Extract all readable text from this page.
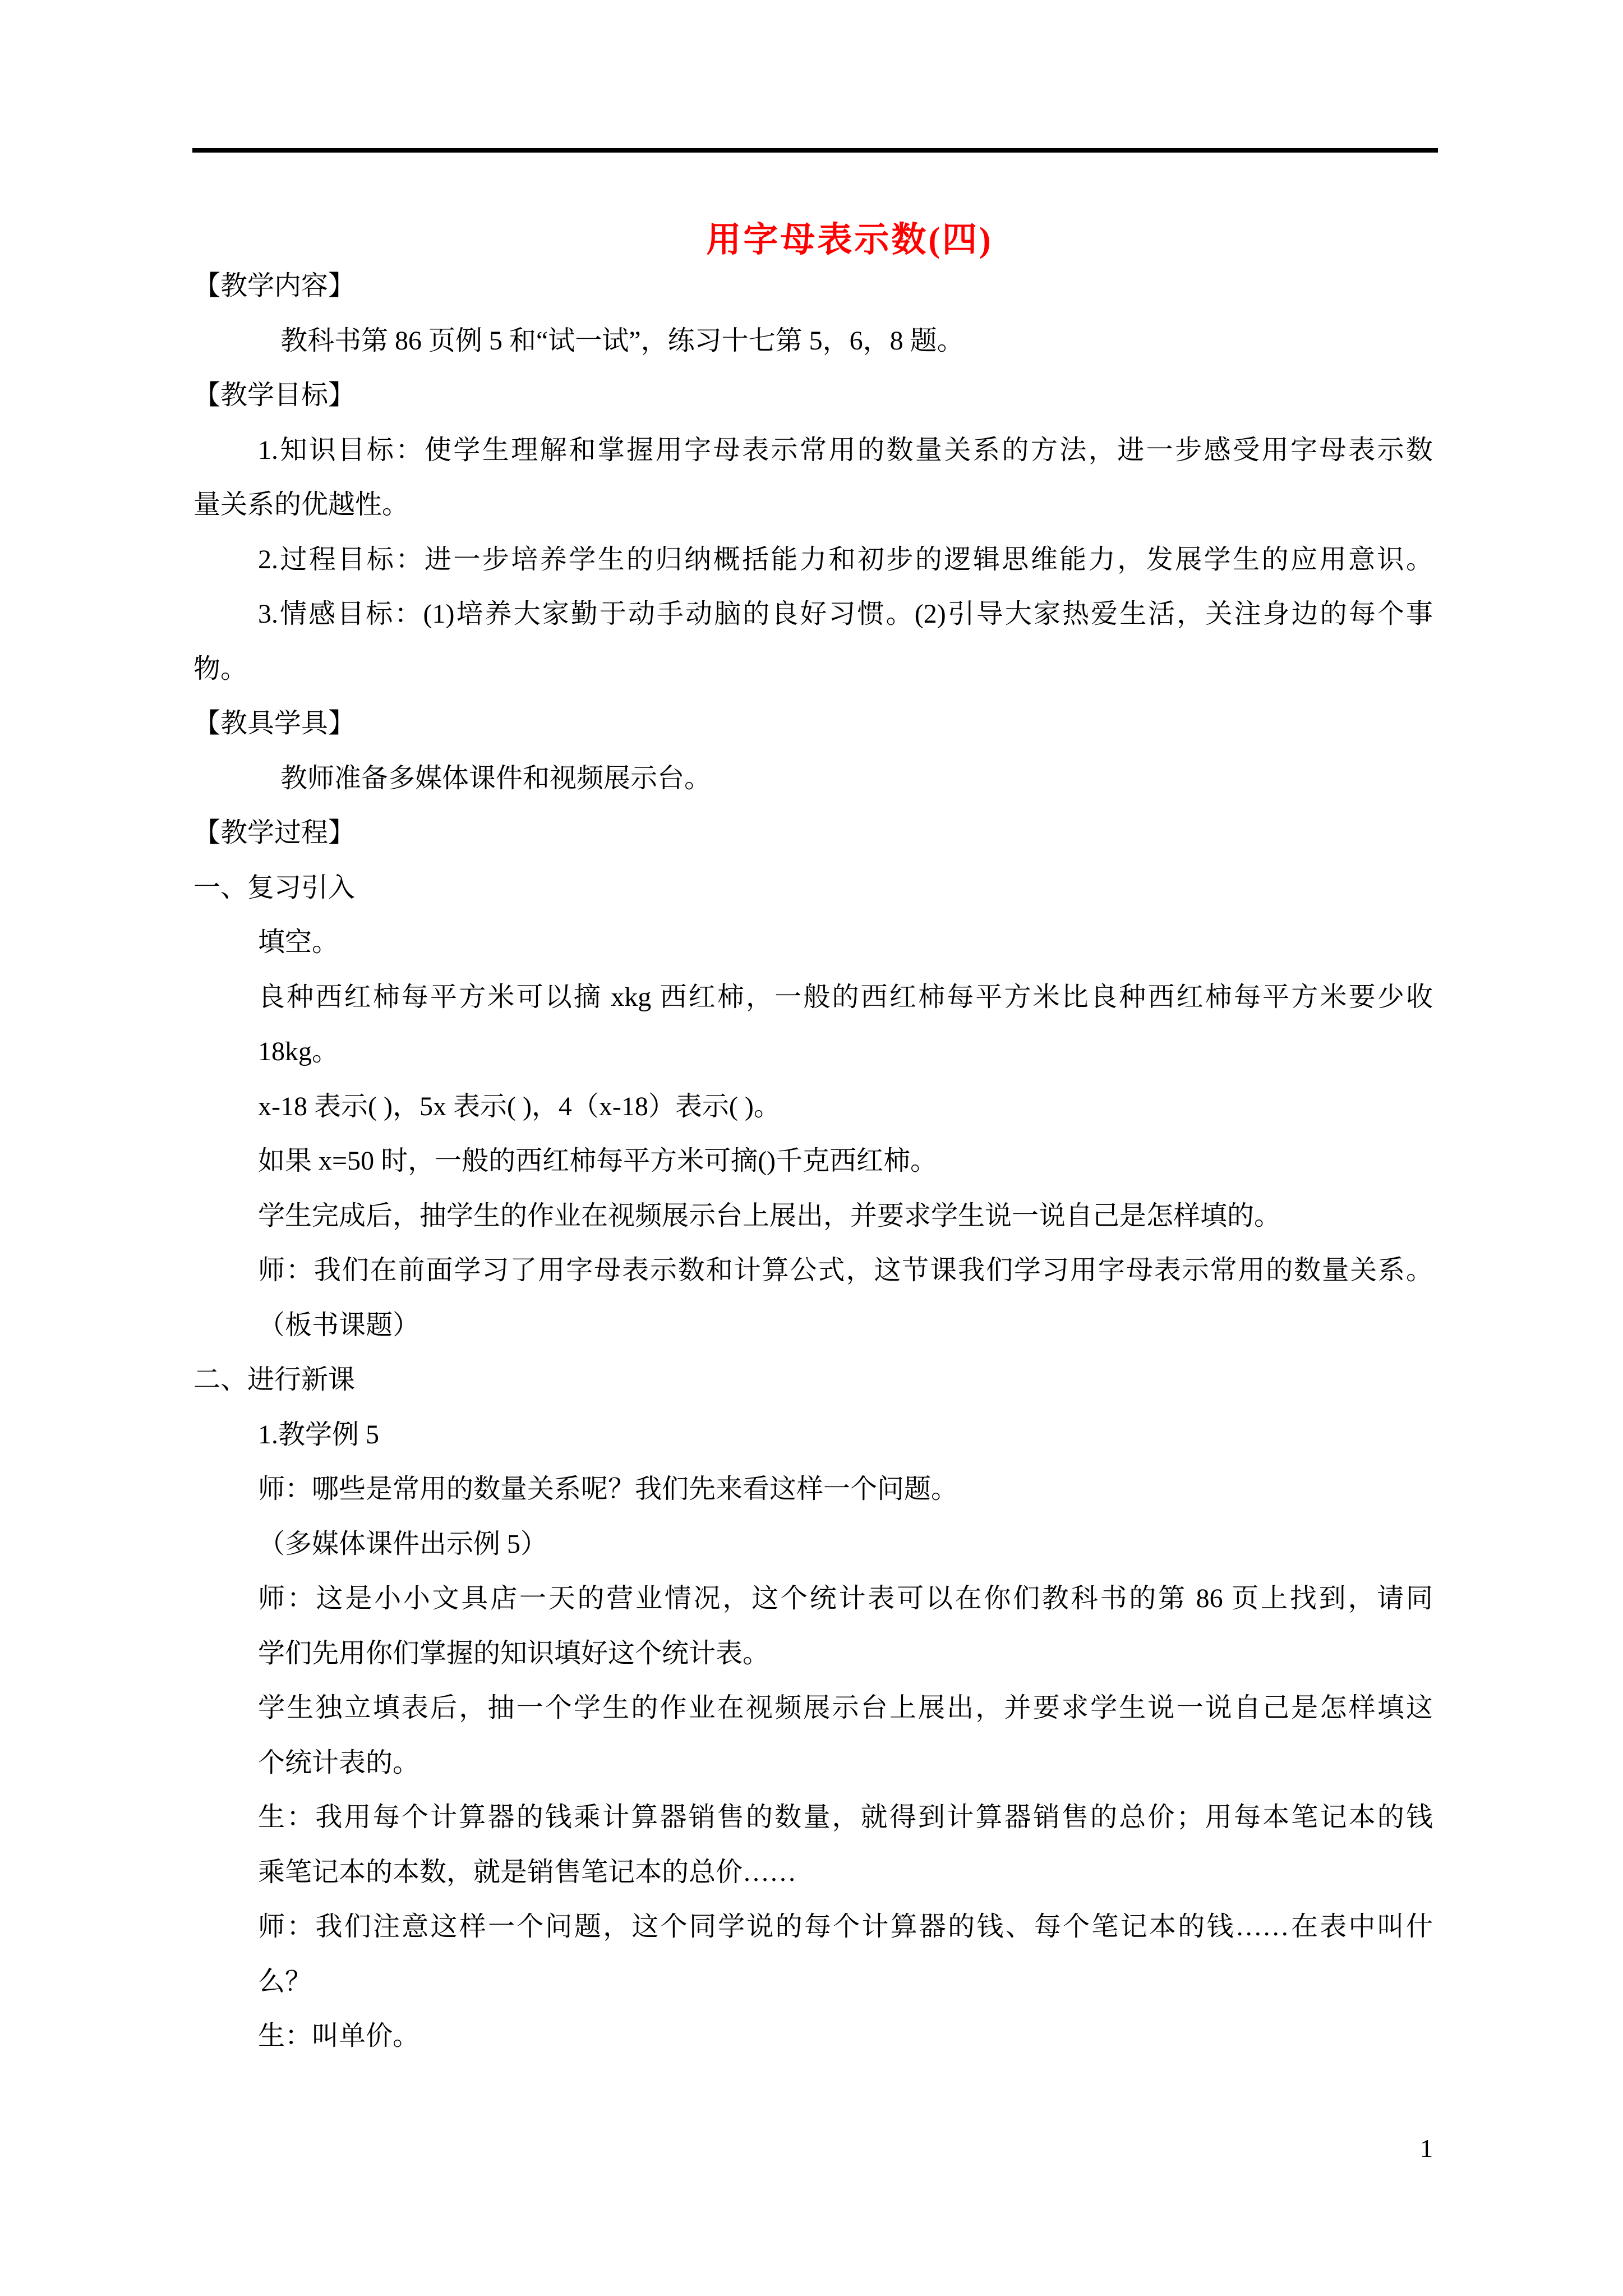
用字母表示数(四)
【教学内容】
教科书第 86 页例 5 和“试一试”，练习十七第 5，6，8 题。
【教学目标】
1.知识目标：使学生理解和掌握用字母表示常用的数量关系的方法，进一步感受用字母表示数
量关系的优越性。
2.过程目标：进一步培养学生的归纳概括能力和初步的逻辑思维能力，发展学生的应用意识。
3.情感目标：(1)培养大家勤于动手动脑的良好习惯。(2)引导大家热爱生活，关注身边的每个事
物。
【教具学具】
教师准备多媒体课件和视频展示台。
【教学过程】
一、复习引入
填空。
良种西红柿每平方米可以摘 xkg 西红柿，一般的西红柿每平方米比良种西红柿每平方米要少收
18kg。
x-18 表示( )，5x 表示( )，4（x-18）表示( )。
如果 x=50 时，一般的西红柿每平方米可摘()千克西红柿。
学生完成后，抽学生的作业在视频展示台上展出，并要求学生说一说自己是怎样填的。
师：我们在前面学习了用字母表示数和计算公式，这节课我们学习用字母表示常用的数量关系。
（板书课题）
二、进行新课
1.教学例 5
师：哪些是常用的数量关系呢？我们先来看这样一个问题。
（多媒体课件出示例 5）
师：这是小小文具店一天的营业情况，这个统计表可以在你们教科书的第 86 页上找到，请同
学们先用你们掌握的知识填好这个统计表。
学生独立填表后，抽一个学生的作业在视频展示台上展出，并要求学生说一说自己是怎样填这
个统计表的。
生：我用每个计算器的钱乘计算器销售的数量，就得到计算器销售的总价；用每本笔记本的钱
乘笔记本的本数，就是销售笔记本的总价……
师：我们注意这样一个问题，这个同学说的每个计算器的钱、每个笔记本的钱……在表中叫什
么？
生：叫单价。
1
